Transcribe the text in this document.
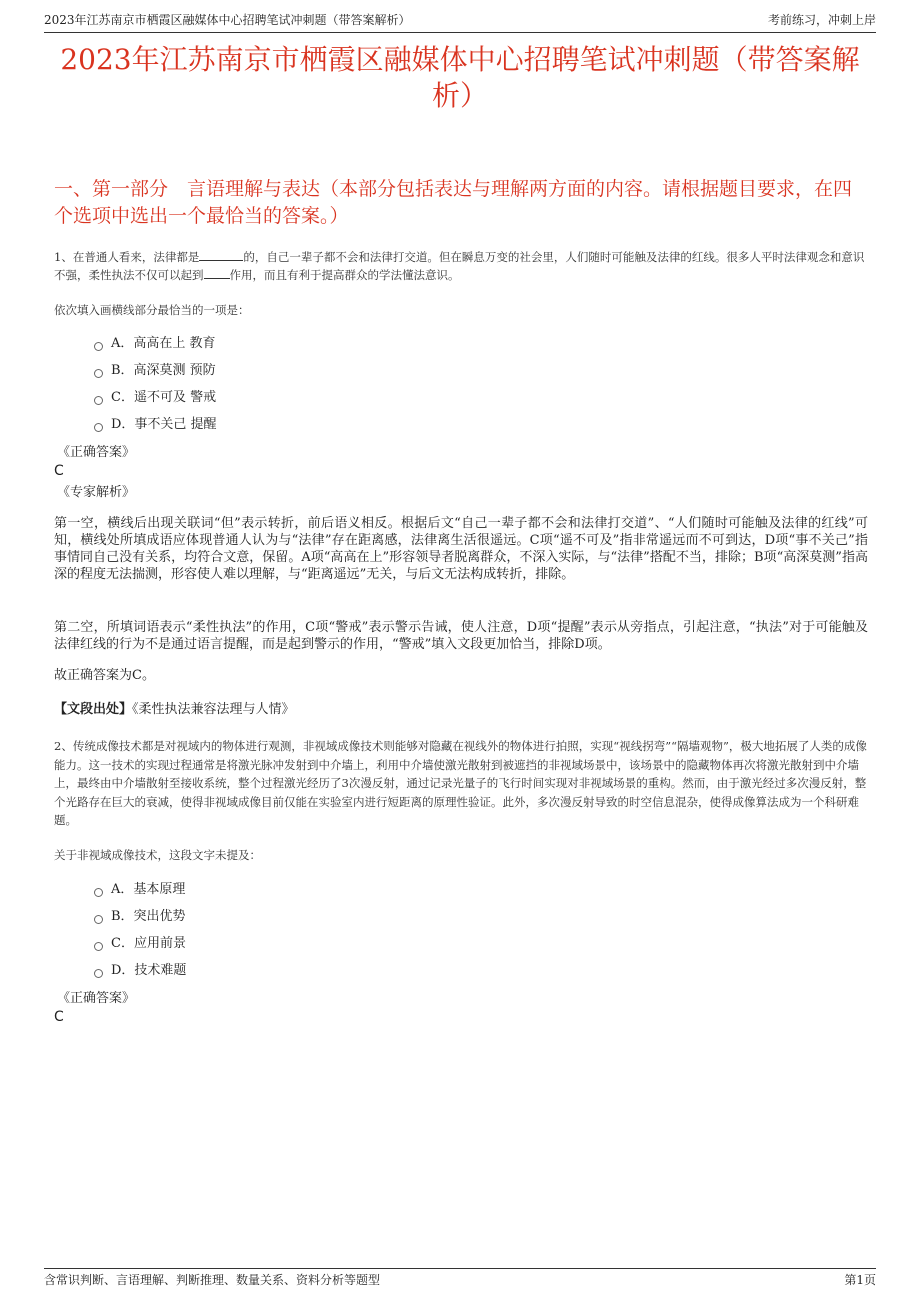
2023年江苏南京市栖霞区融媒体中心招聘笔试冲刺题（带答案解析）	考前练习，冲刺上岸
2023年江苏南京市栖霞区融媒体中心招聘笔试冲刺题（带答案解析）
一、第一部分　言语理解与表达（本部分包括表达与理解两方面的内容。请根据题目要求，在四个选项中选出一个最恰当的答案。）
1、在普通人看来，法律都是	的，自己一辈子都不会和法律打交道。但在瞬息万变的社会里，人们随时可能触及法律的红线。很多人平时法律观念和意识不强，柔性执法不仅可以起到 作用，而且有利于提高群众的学法懂法意识。
依次填入画横线部分最恰当的一项是：
A．高高在上 教育
B．高深莫测 预防
C．遥不可及 警戒
D．事不关己 提醒
《正确答案》
C
《专家解析》
第一空，横线后出现关联词“但”表示转折，前后语义相反。根据后文“自己一辈子都不会和法律打交道”、“人们随时可能触及法律的红线”可知，横线处所填成语应体现普通人认为与“法律”存在距离感，法律离生活很遥远。C项“遥不可及”指非常遥远而不可到达，D项“事不关己”指事情同自己没有关系，均符合文意，保留。A项“高高在上”形容领导者脱离群众，不深入实际，与“法律”搭配不当，排除；B项“高深莫测”指高深的程度无法揣测，形容使人难以理解，与“距离遥远”无关，与后文无法构成转折，排除。
第二空，所填词语表示“柔性执法”的作用，C项“警戒”表示警示告诫，使人注意，D项“提醒”表示从旁指点，引起注意，“执法”对于可能触及法律红线的行为不是通过语言提醒，而是起到警示的作用，“警戒”填入文段更加恰当，排除D项。
故正确答案为C。
【文段出处】《柔性执法兼容法理与人情》
2、传统成像技术都是对视域内的物体进行观测，非视域成像技术则能够对隐藏在视线外的物体进行拍照，实现“视线拐弯”“隔墙观物”，极大地拓展了人类的成像能力。这一技术的实现过程通常是将激光脉冲发射到中介墙上，利用中介墙使激光散射到被遮挡的非视域场景中，该场景中的隐藏物体再次将激光散射到中介墙上，最终由中介墙散射至接收系统，整个过程激光经历了3次漫反射，通过记录光量子的飞行时间实现对非视域场景的重构。然而，由于激光经过多次漫反射，整个光路存在巨大的衰减，使得非视域成像目前仅能在实验室内进行短距离的原理性验证。此外，多次漫反射导致的时空信息混杂，使得成像算法成为一个科研难题。
关于非视域成像技术，这段文字未提及：
A．基本原理
B．突出优势
C．应用前景
D．技术难题
《正确答案》
C
含常识判断、言语理解、判断推理、数量关系、资料分析等题型	第1页
